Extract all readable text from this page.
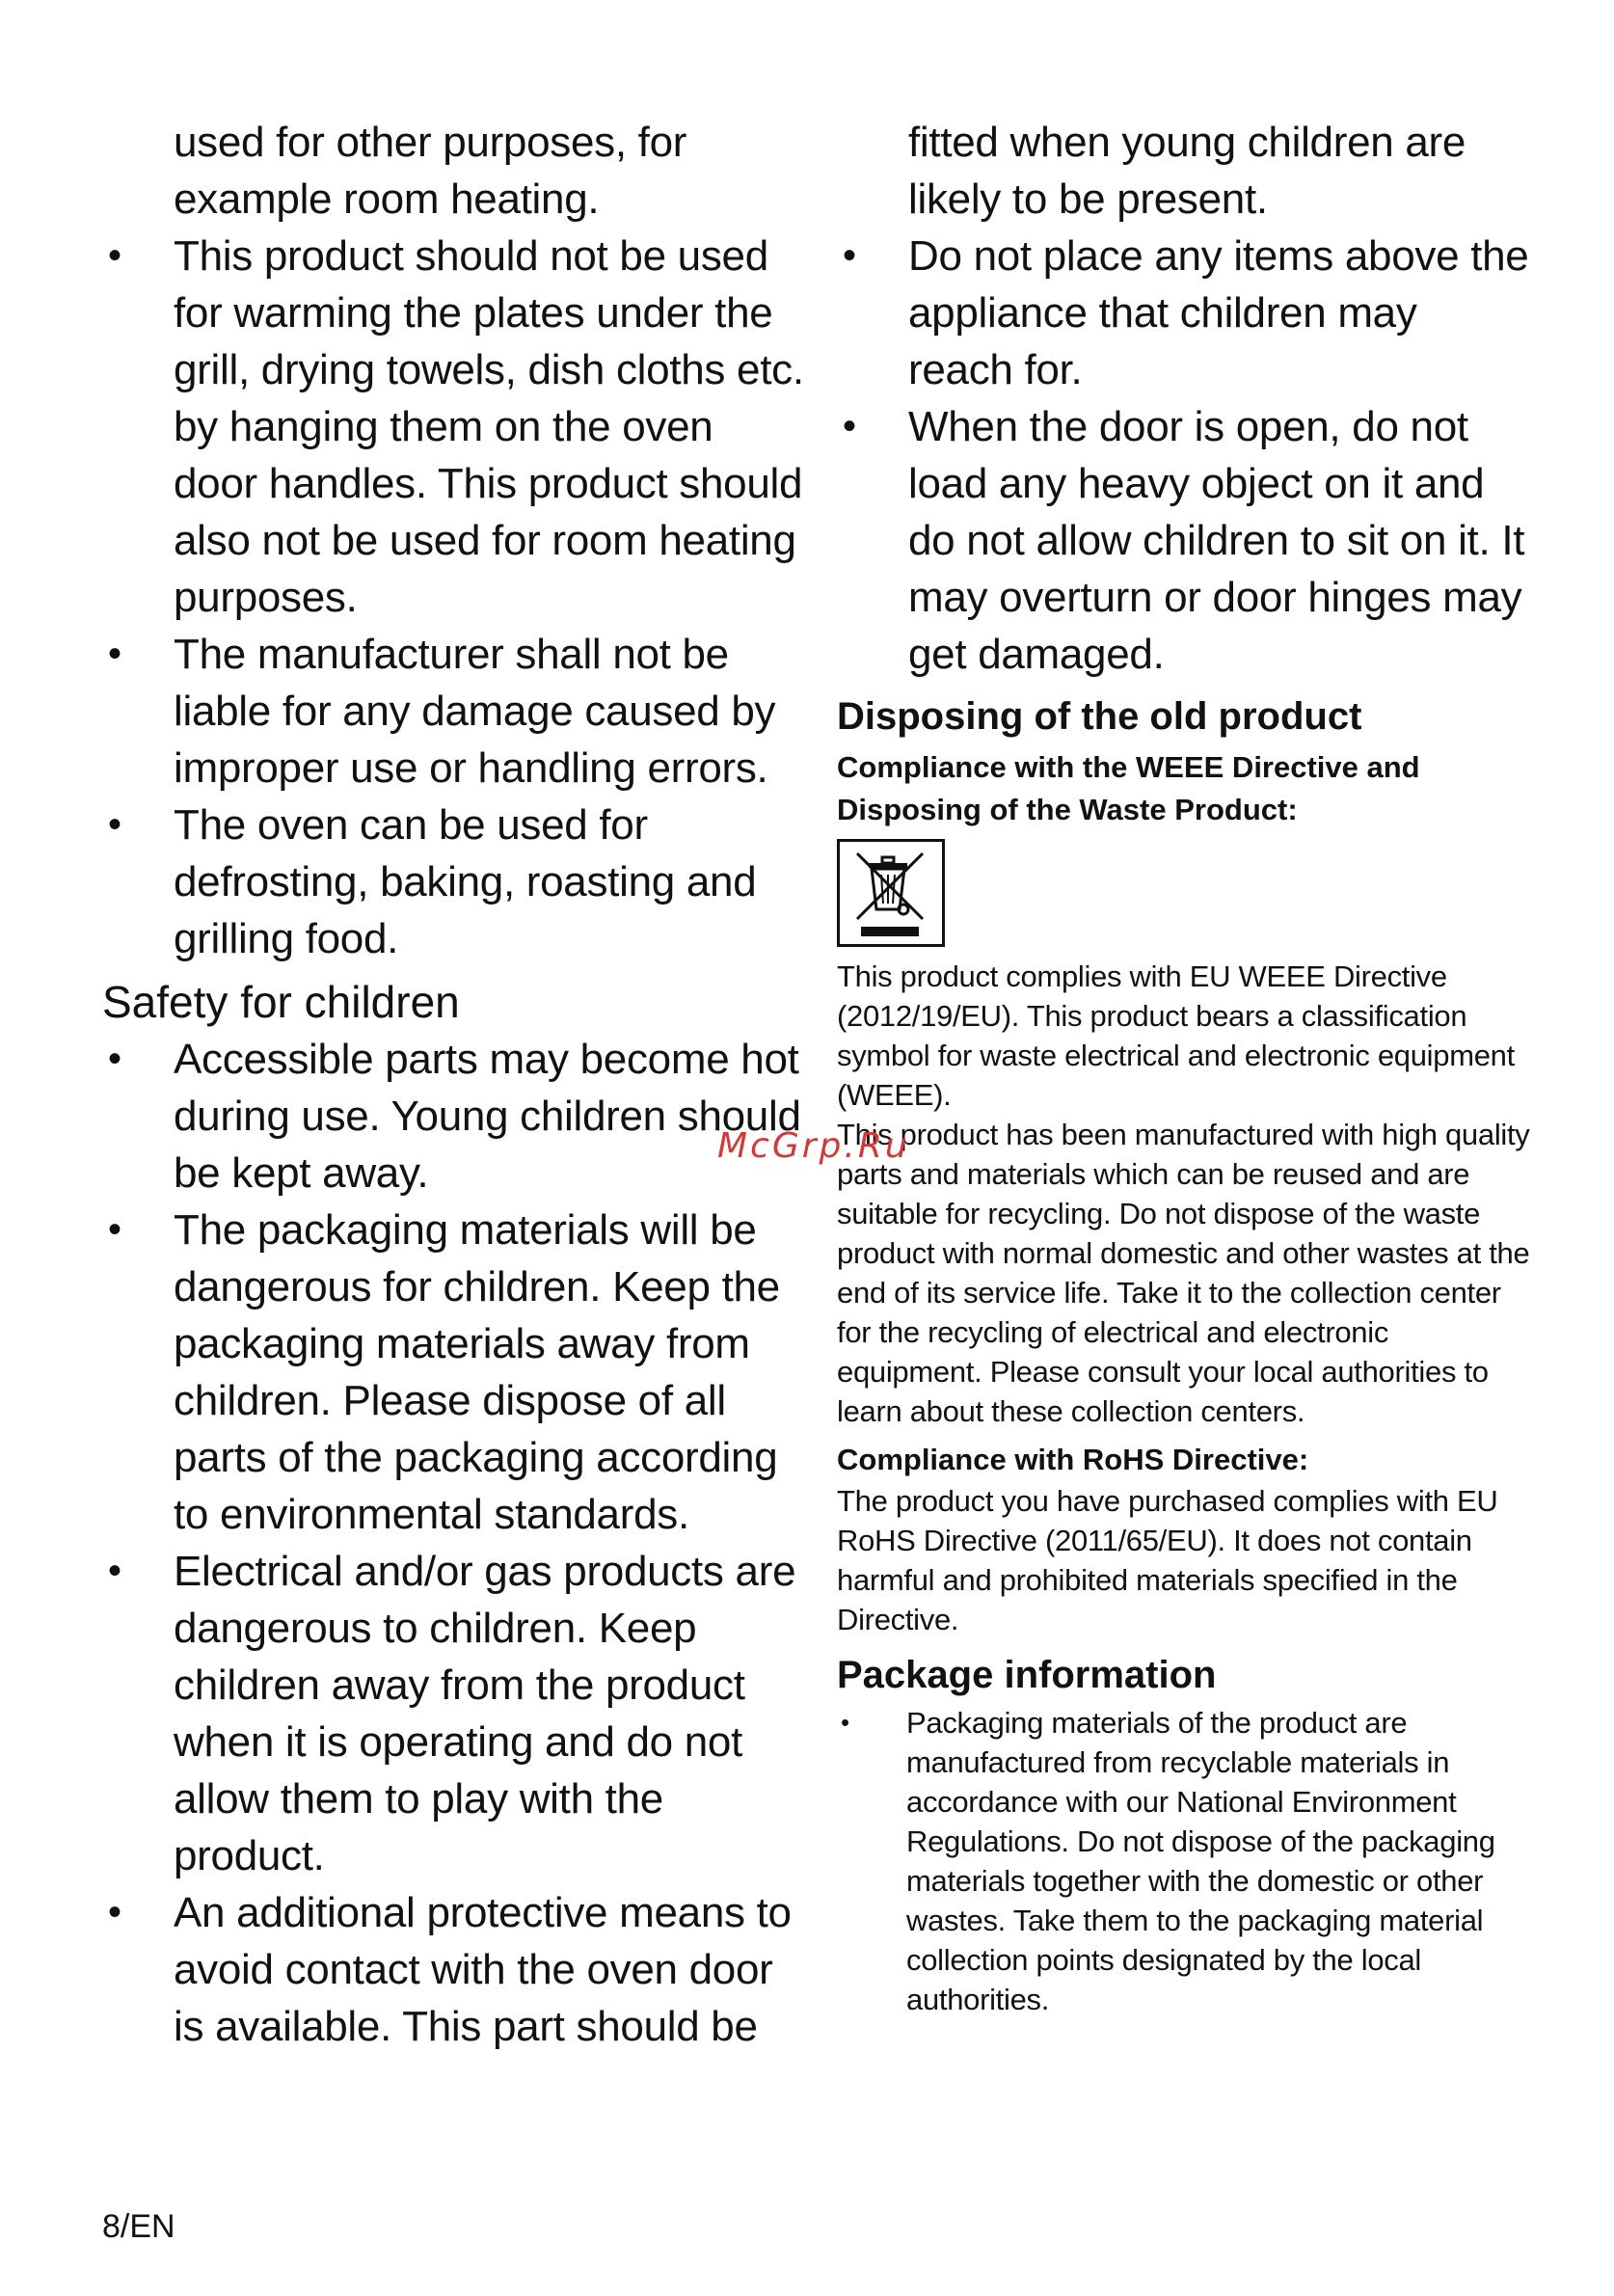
used for other purposes, for

example room heating.

• This product should not be used for warming the plates under the grill, drying towels, dish cloths etc. by hanging them on the oven door handles. This product should also not be used for room heating purposes.
• The manufacturer shall not be liable for any damage caused by improper use or handling errors.
• The oven can be used for defrosting, baking, roasting and grilling food.
Safety for children
• Accessible parts may become hot during use. Young children should be kept away.
• The packaging materials will be dangerous for children. Keep the packaging materials away from children. Please dispose of all parts of the packaging according to environmental standards.
• Electrical and/or gas products are dangerous to children. Keep children away from the product when it is operating and do not allow them to play with the product.
• An additional protective means to avoid contact with the oven door is available. This part should be

fitted when young children are

likely to be present.

• Do not place any items above the appliance that children may reach for.
• When the door is open, do not load any heavy object on it and do not allow children to sit on it. It may overturn or door hinges may get damaged.
Disposing of the old product

Compliance with the WEEE Directive and Disposing of the Waste Product:

This product complies with EU WEEE Directive (2012/19/EU). This product bears a classification symbol for waste electrical and electronic equipment (WEEE).

This product has been manufactured with high quality parts and materials which can be reused and are suitable for recycling. Do not dispose of the waste product with normal domestic and other wastes at the end of its service life. Take it to the collection center for the recycling of electrical and electronic equipment. Please consult your local authorities to learn about these collection centers.

Compliance with RoHS Directive:

The product you have purchased complies with EU RoHS Directive (2011/65/EU). It does not contain harmful and prohibited materials specified in the Directive.

Package information
• Packaging materials of the product are manufactured from recyclable materials in accordance with our National Environment Regulations. Do not dispose of the packaging materials together with the domestic or other wastes. Take them to the packaging material collection points designated by the local authorities.
McGrp.Ru
8/EN
